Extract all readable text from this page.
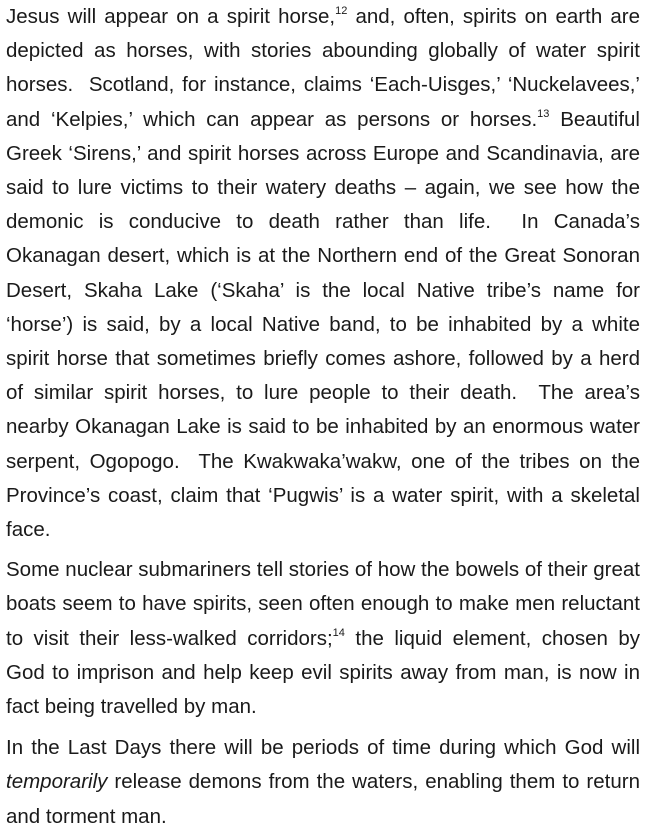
Jesus will appear on a spirit horse,$^{12}$ and, often, spirits on earth are depicted as horses, with stories abounding globally of water spirit horses.  Scotland, for instance, claims ‘Each-Uisges,’ ‘Nuckelavees,’ and ‘Kelpies,’ which can appear as persons or horses.$^{13}$ Beautiful Greek ‘Sirens,’ and spirit horses across Europe and Scandinavia, are said to lure victims to their watery deaths – again, we see how the demonic is conducive to death rather than life.  In Canada’s Okanagan desert, which is at the Northern end of the Great Sonoran Desert, Skaha Lake (‘Skaha’ is the local Native tribe’s name for ‘horse’) is said, by a local Native band, to be inhabited by a white spirit horse that sometimes briefly comes ashore, followed by a herd of similar spirit horses, to lure people to their death.  The area’s nearby Okanagan Lake is said to be inhabited by an enormous water serpent, Ogopogo.  The Kwakwaka’wakw, one of the tribes on the Province’s coast, claim that ‘Pugwis’ is a water spirit, with a skeletal face.

Some nuclear submariners tell stories of how the bowels of their great boats seem to have spirits, seen often enough to make men reluctant to visit their less-walked corridors;$^{14}$ the liquid element, chosen by God to imprison and help keep evil spirits away from man, is now in fact being travelled by man.

In the Last Days there will be periods of time during which God will temporarily release demons from the waters, enabling them to return and torment man.
